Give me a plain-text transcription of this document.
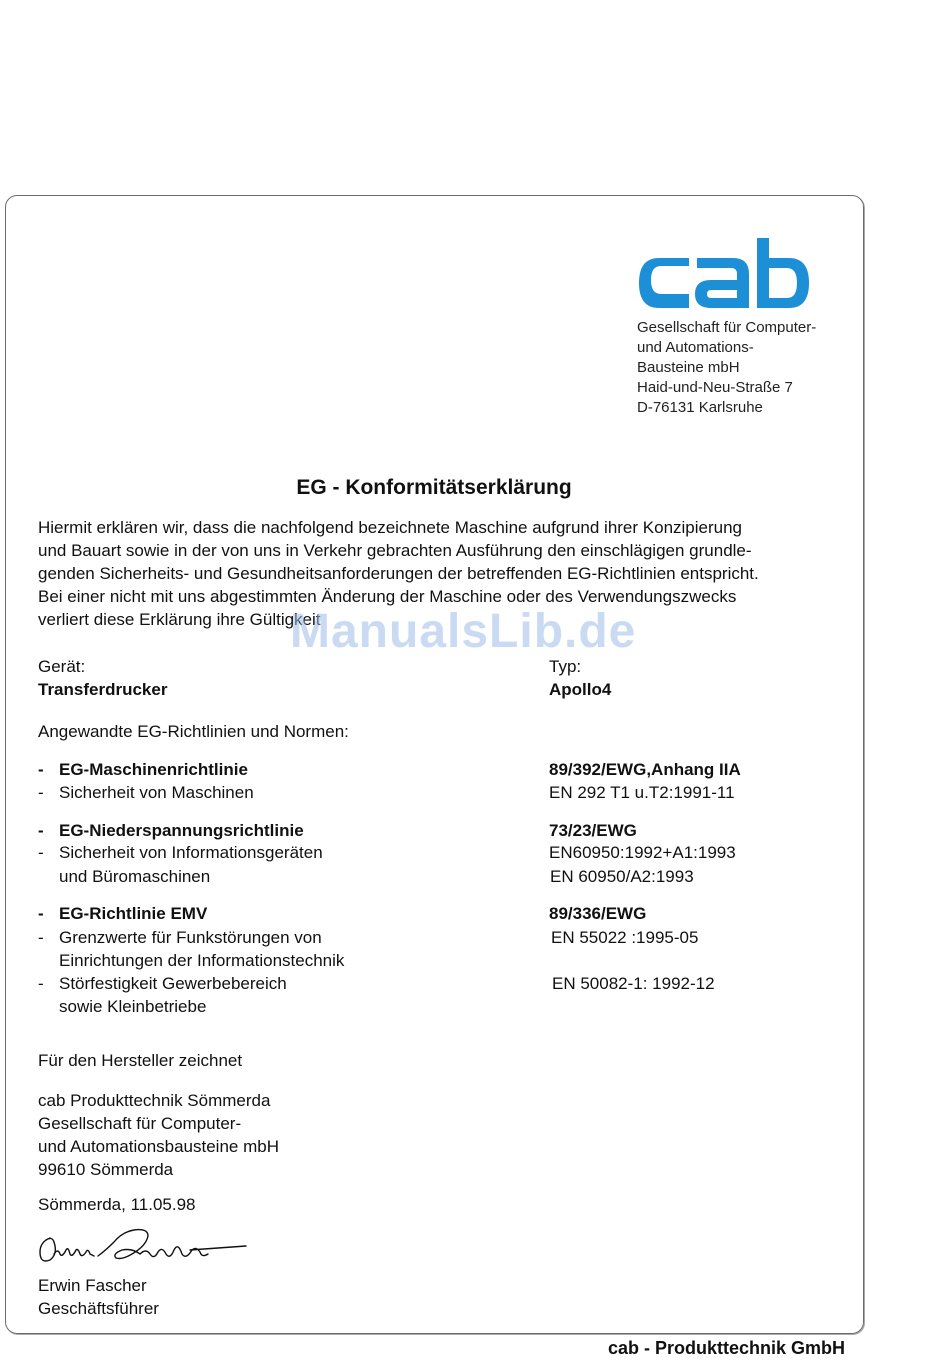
Gesellschaft für Computer-
und Automations-
Bausteine mbH
Haid-und-Neu-Straße 7
D-76131 Karlsruhe
EG - Konformitätserklärung
Hiermit erklären wir, dass die nachfolgend bezeichnete Maschine aufgrund ihrer Konzipierung
und Bauart sowie in der von uns in Verkehr gebrachten Ausführung den einschlägigen grundle-
genden Sicherheits- und Gesundheitsanforderungen der betreffenden EG-Richtlinien entspricht.
Bei einer nicht mit uns abgestimmten Änderung der Maschine oder des Verwendungszwecks
verliert diese Erklärung ihre Gültigkeit
ManualsLib.de
Gerät:
Transferdrucker
Typ:
Apollo4
Angewandte EG-Richtlinien und Normen:
- EG-Maschinenrichtlinie	89/392/EWG,Anhang IIA
- Sicherheit von Maschinen	EN 292 T1 u.T2:1991-11
- EG-Niederspannungsrichtlinie	73/23/EWG
- Sicherheit von Informationsgeräten	EN60950:1992+A1:1993
und Büromaschinen	EN 60950/A2:1993
- EG-Richtlinie EMV	89/336/EWG
- Grenzwerte für Funkstörungen von	EN 55022 :1995-05
Einrichtungen der Informationstechnik
- Störfestigkeit Gewerbebereich	EN 50082-1: 1992-12
sowie Kleinbetriebe
Für den Hersteller zeichnet
cab Produkttechnik Sömmerda
Gesellschaft für Computer-
und Automationsbausteine mbH
99610 Sömmerda
Sömmerda, 11.05.98
Erwin Fascher
Geschäftsführer
cab - Produkttechnik GmbH
